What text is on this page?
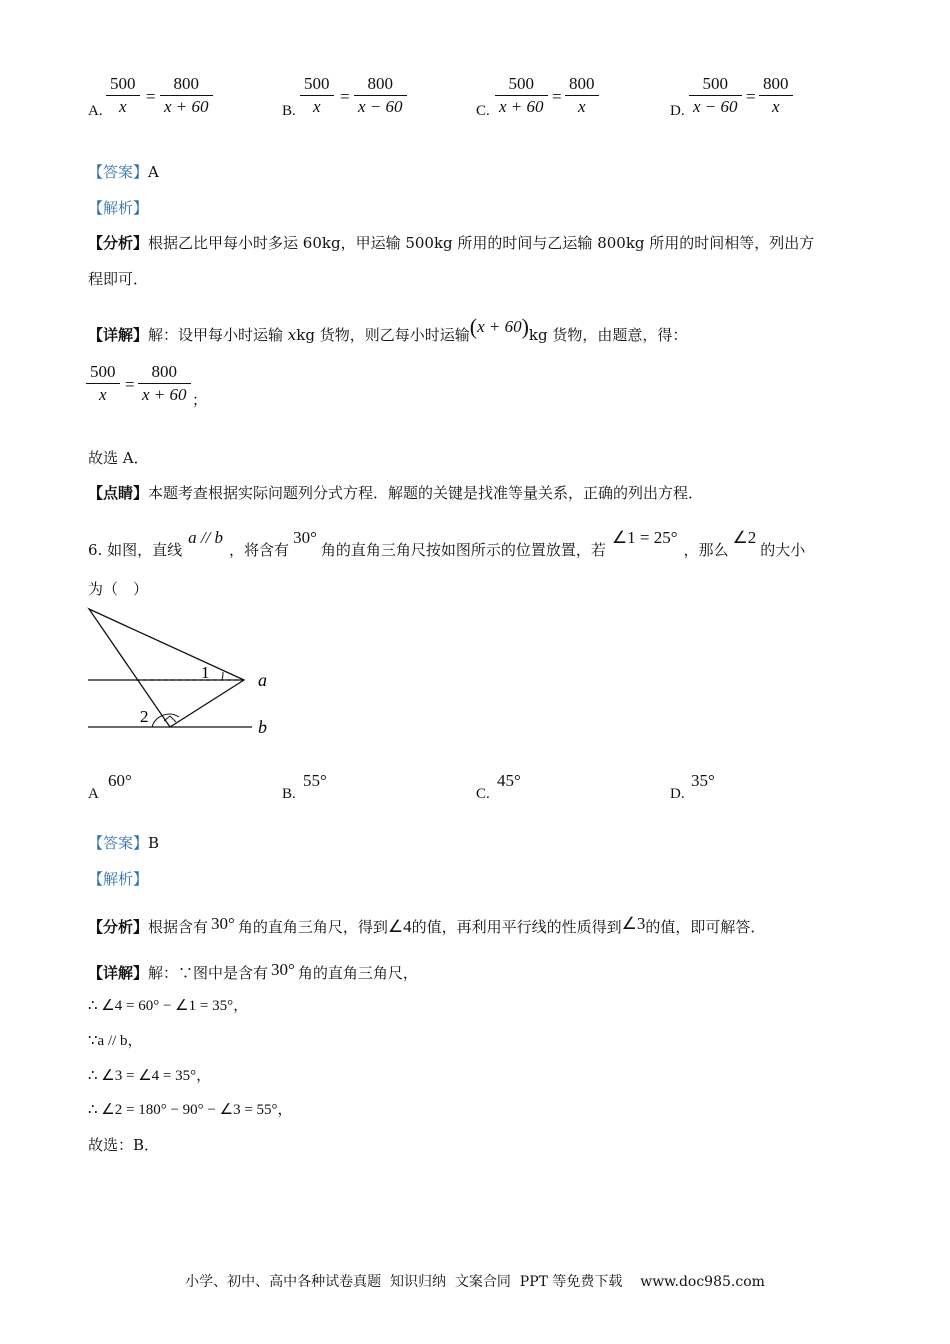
A.
500
x
=
800
x + 60	B.
500
x
=
800
x − 60	C.
500
x + 60
=
800
x	D.
500
x − 60
=
800
x
【答案】A
【解析】
【分析】根据乙比甲每小时多运 60kg，甲运输 500kg 所用的时间与乙运输 800kg 所用的时间相等，列出方
程即可．
【详解】解：设甲每小时运输 xkg 货物，则乙每小时运输(x + 60)kg 货物，由题意，得：
500
x
=
800
x + 60 ；
故选 A．
【点睛】本题考查根据实际问题列分式方程．解题的关键是找准等量关系，正确的列出方程．
6. 如图，直线a // b，将含有30°角的直角三角尺按如图所示的位置放置，若∠1 = 25°，那么∠2的大小
为（　）
1
2
a
b
A
60°
B.
55°
C.
45°
D.
35°
【答案】B
【解析】
【分析】根据含有 30° 角的直角三角尺，得到∠4的值，再利用平行线的性质得到∠3的值，即可解答．
【详解】解：∵图中是含有 30° 角的直角三角尺，
∴ ∠4 = 60° − ∠1 = 35°，
∵a // b，
∴ ∠3 = ∠4 = 35°，
∴ ∠2 = 180° − 90° − ∠3 = 55°，
故选：B．
小学、初中、高中各种试卷真题  知识归纳  文案合同  PPT 等免费下载    www.doc985.com
